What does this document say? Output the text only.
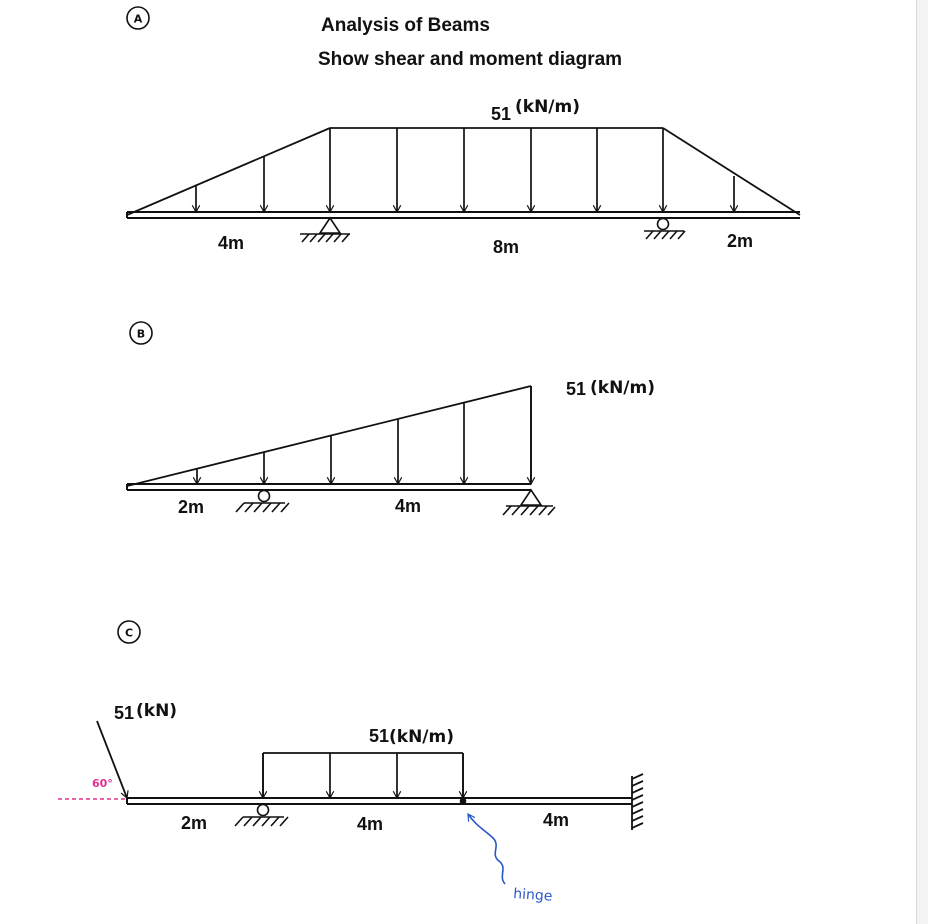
Analysis of Beams
Show shear and moment diagram
A
51 (kN/m)
4m	8m	2m
B
51 (kN/m)
2m	4m
C
60°
51 (kN)
51 (kN/m)
2m	4m	4m
hinge
